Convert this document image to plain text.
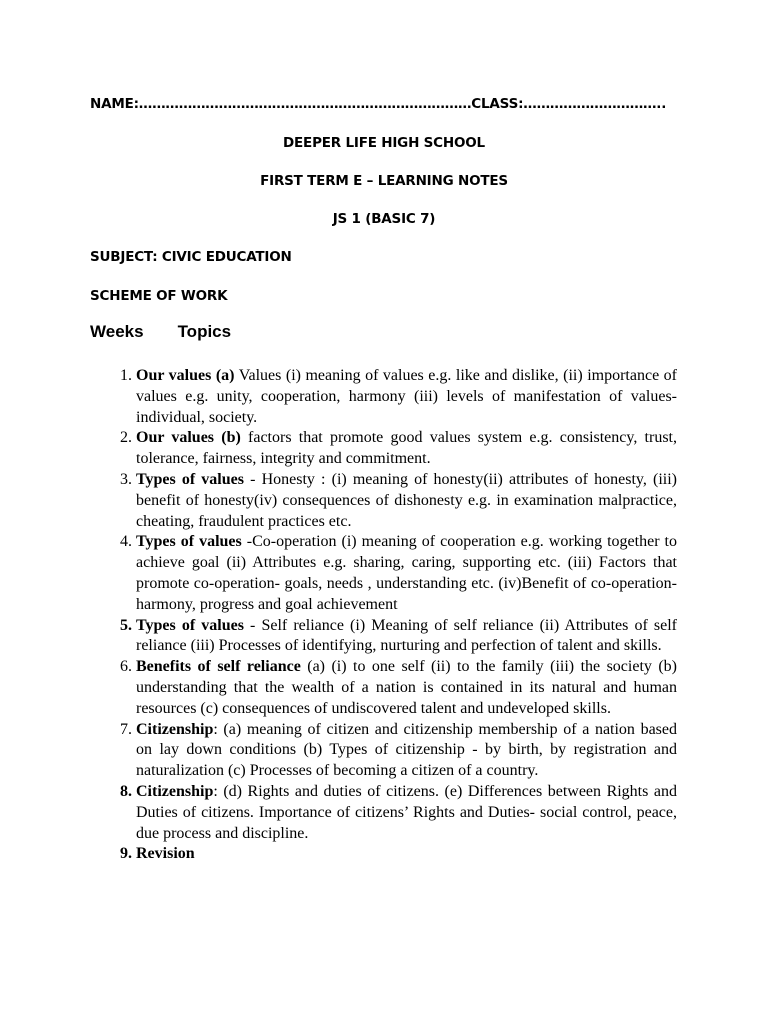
NAME:…………………………………………………………………CLASS:…………………………..
DEEPER LIFE HIGH SCHOOL
FIRST TERM E – LEARNING NOTES
JS 1 (BASIC 7)
SUBJECT: CIVIC EDUCATION
SCHEME OF WORK
Weeks Topics
1. Our values (a) Values (i) meaning of values e.g. like and dislike, (ii) importance of values e.g. unity, cooperation, harmony (iii) levels of manifestation of values- individual, society.
2. Our values (b) factors that promote good values system e.g. consistency, trust, tolerance, fairness, integrity and commitment.
3. Types of values - Honesty : (i) meaning of honesty(ii) attributes of honesty, (iii) benefit of honesty(iv) consequences of dishonesty e.g. in examination malpractice, cheating, fraudulent practices etc.
4. Types of values -Co-operation (i) meaning of cooperation e.g. working together to achieve goal (ii) Attributes e.g. sharing, caring, supporting etc. (iii) Factors that promote co-operation- goals, needs , understanding etc. (iv)Benefit of co-operation- harmony, progress and goal achievement
5. Types of values - Self reliance (i) Meaning of self reliance (ii) Attributes of self reliance (iii) Processes of identifying, nurturing and perfection of talent and skills.
6. Benefits of self reliance (a) (i) to one self (ii) to the family (iii) the society (b) understanding that the wealth of a nation is contained in its natural and human resources (c) consequences of undiscovered talent and undeveloped skills.
7. Citizenship: (a) meaning of citizen and citizenship membership of a nation based on lay down conditions (b) Types of citizenship - by birth, by registration and naturalization (c) Processes of becoming a citizen of a country.
8. Citizenship: (d) Rights and duties of citizens. (e) Differences between Rights and Duties of citizens. Importance of citizens’ Rights and Duties- social control, peace, due process and discipline.
9. Revision
